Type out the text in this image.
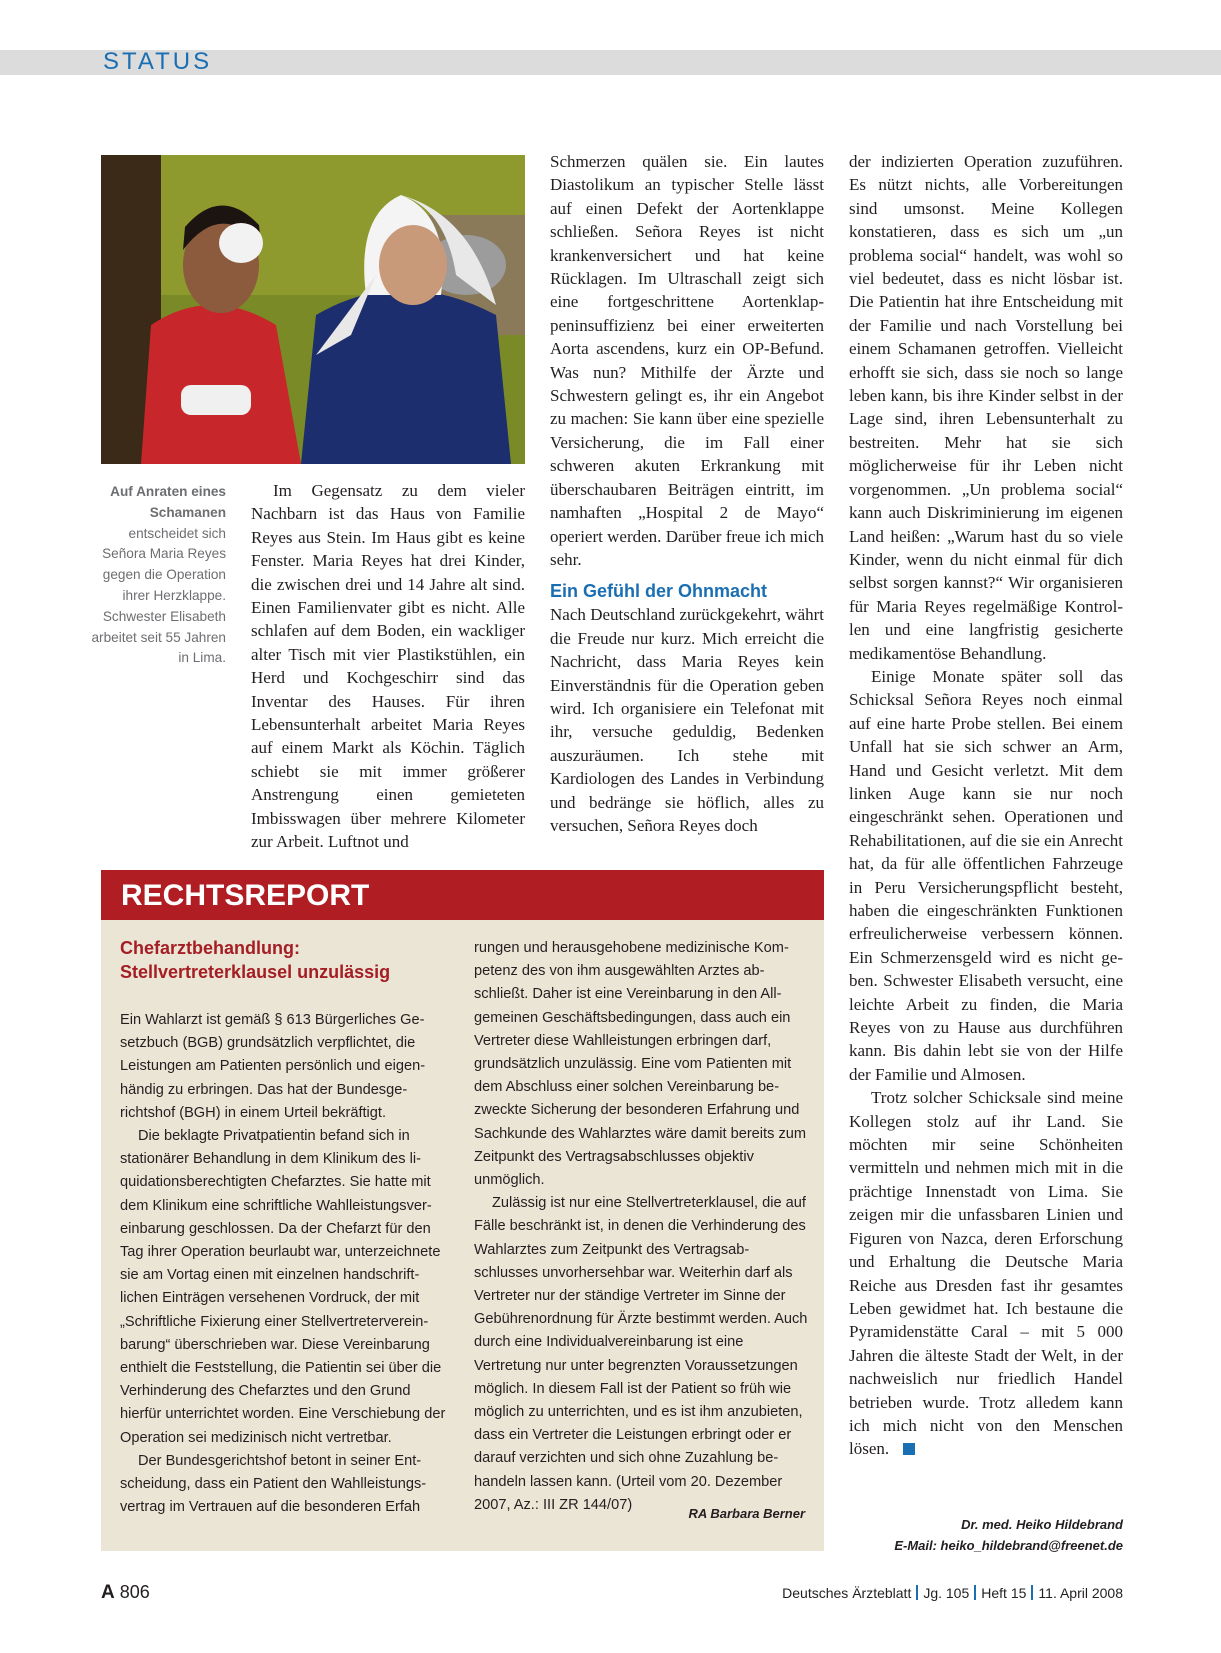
STATUS
Auf Anraten eines Schamanen entscheidet sich Señora Maria Reyes gegen die Operation ihrer Herzklappe. Schwester Elisabeth arbeitet seit 55 Jahren in Lima.

Im Gegensatz zu dem vieler Nachbarn ist das Haus von Familie Reyes aus Stein. Im Haus gibt es keine Fenster. Maria Reyes hat drei Kinder, die zwischen drei und 14 Jahre alt sind. Einen Familienvater gibt es nicht. Alle schlafen auf dem Boden, ein wackliger alter Tisch mit vier Plastikstühlen, ein Herd und Kochgeschirr sind das Inventar des Hauses. Für ihren Lebensunterhalt arbeitet Maria Reyes auf einem Markt als Köchin. Täglich schiebt sie mit immer größerer Anstrengung einen gemieteten Imbisswagen über mehrere Kilometer zur Arbeit. Luftnot und

Schmerzen quälen sie. Ein lautes Diastolikum an typischer Stelle lässt auf einen Defekt der Aortenklappe schließen. Señora Reyes ist nicht krankenversichert und hat keine Rücklagen. Im Ultraschall zeigt sich eine fortgeschrittene Aortenklappeninsuffizienz bei einer erweiterten Aorta ascendens, kurz ein OP-Befund. Was nun? Mithilfe der Ärzte und Schwestern gelingt es, ihr ein Angebot zu machen: Sie kann über eine spezielle Versicherung, die im Fall einer schweren akuten Erkrankung mit überschaubaren Beiträgen eintritt, im namhaften „Hospital 2 de Mayo“ operiert werden. Darüber freue ich mich sehr.

Ein Gefühl der Ohnmacht

Nach Deutschland zurückgekehrt, währt die Freude nur kurz. Mich erreicht die Nachricht, dass Maria Reyes kein Einverständnis für die Operation geben wird. Ich organisiere ein Telefonat mit ihr, versuche geduldig, Bedenken auszuräumen. Ich stehe mit Kardiologen des Landes in Verbindung und bedränge sie höflich, alles zu versuchen, Señora Reyes doch

der indizierten Operation zuzuführen. Es nützt nichts, alle Vorbereitungen sind umsonst. Meine Kollegen konstatieren, dass es sich um „un problema social“ handelt, was wohl so viel bedeutet, dass es nicht lösbar ist. Die Patientin hat ihre Entscheidung mit der Familie und nach Vorstellung bei einem Schamanen getroffen. Vielleicht erhofft sie sich, dass sie noch so lange leben kann, bis ihre Kinder selbst in der Lage sind, ihren Lebensunterhalt zu bestreiten. Mehr hat sie sich möglicherweise für ihr Leben nicht vorgenommen. „Un problema social“ kann auch Diskriminierung im eigenen Land heißen: „Warum hast du so viele Kinder, wenn du nicht einmal für dich selbst sorgen kannst?“ Wir organisieren für Maria Reyes regelmäßige Kontrollen und eine langfristig gesicherte medikamentöse Behandlung.

Einige Monate später soll das Schicksal Señora Reyes noch einmal auf eine harte Probe stellen. Bei einem Unfall hat sie sich schwer an Arm, Hand und Gesicht verletzt. Mit dem linken Auge kann sie nur noch eingeschränkt sehen. Operationen und Rehabilitationen, auf die sie ein Anrecht hat, da für alle öffentlichen Fahrzeuge in Peru Versicherungspflicht besteht, haben die eingeschränkten Funktionen erfreulicherweise verbessern können. Ein Schmerzensgeld wird es nicht geben. Schwester Elisabeth versucht, eine leichte Arbeit zu finden, die Maria Reyes von zu Hause aus durchführen kann. Bis dahin lebt sie von der Hilfe der Familie und Almosen.

Trotz solcher Schicksale sind meine Kollegen stolz auf ihr Land. Sie möchten mir seine Schönheiten vermitteln und nehmen mich mit in die prächtige Innenstadt von Lima. Sie zeigen mir die unfassbaren Linien und Figuren von Nazca, deren Erforschung und Erhaltung die Deutsche Maria Reiche aus Dresden fast ihr gesamtes Leben gewidmet hat. Ich bestaune die Pyramidenstätte Caral – mit 5 000 Jahren die älteste Stadt der Welt, in der nachweislich nur friedlich Handel betrieben wurde. Trotz alledem kann ich mich nicht von den Menschen lösen.

Dr. med. Heiko Hildebrand
E-Mail: heiko_hildebrand@freenet.de
RECHTSREPORT
Chefarztbehandlung:
Stellvertreterklausel unzulässig

Ein Wahlarzt ist gemäß § 613 Bürgerliches Gesetzbuch (BGB) grundsätzlich verpflichtet, die Leistungen am Patienten persönlich und eigenhändig zu erbringen. Das hat der Bundesgerichtshof (BGH) in einem Urteil bekräftigt.

Die beklagte Privatpatientin befand sich in stationärer Behandlung in dem Klinikum des liquidationsberechtigten Chefarztes. Sie hatte mit dem Klinikum eine schriftliche Wahlleistungsvereinbarung geschlossen. Da der Chefarzt für den Tag ihrer Operation beurlaubt war, unterzeichnete sie am Vortag einen mit einzelnen handschriftlichen Einträgen versehenen Vordruck, der mit „Schriftliche Fixierung einer Stellvertretervereinbarung“ überschrieben war. Diese Vereinbarung enthielt die Feststellung, die Patientin sei über die Verhinderung des Chefarztes und den Grund hierfür unterrichtet worden. Eine Verschiebung der Operation sei medizinisch nicht vertretbar.

Der Bundesgerichtshof betont in seiner Entscheidung, dass ein Patient den Wahlleistungsvertrag im Vertrauen auf die besonderen Erfah

rungen und herausgehobene medizinische Kompetenz des von ihm ausgewählten Arztes abschließt. Daher ist eine Vereinbarung in den Allgemeinen Geschäftsbedingungen, dass auch ein Vertreter diese Wahlleistungen erbringen darf, grundsätzlich unzulässig. Eine vom Patienten mit dem Abschluss einer solchen Vereinbarung bezweckte Sicherung der besonderen Erfahrung und Sachkunde des Wahlarztes wäre damit bereits zum Zeitpunkt des Vertragsabschlusses objektiv unmöglich.

Zulässig ist nur eine Stellvertreterklausel, die auf Fälle beschränkt ist, in denen die Verhinderung des Wahlarztes zum Zeitpunkt des Vertragsabschlusses unvorhersehbar war. Weiterhin darf als Vertreter nur der ständige Vertreter im Sinne der Gebührenordnung für Ärzte bestimmt werden. Auch durch eine Individualvereinbarung ist eine Vertretung nur unter begrenzten Voraussetzungen möglich. In diesem Fall ist der Patient so früh wie möglich zu unterrichten, und es ist ihm anzubieten, dass ein Vertreter die Leistungen erbringt oder er darauf verzichten und sich ohne Zuzahlung behandeln lassen kann. (Urteil vom 20. Dezember 2007, Az.: III ZR 144/07)

RA Barbara Berner
A 806	Deutsches Ärzteblatt Jg. 105 Heft 15 11. April 2008
